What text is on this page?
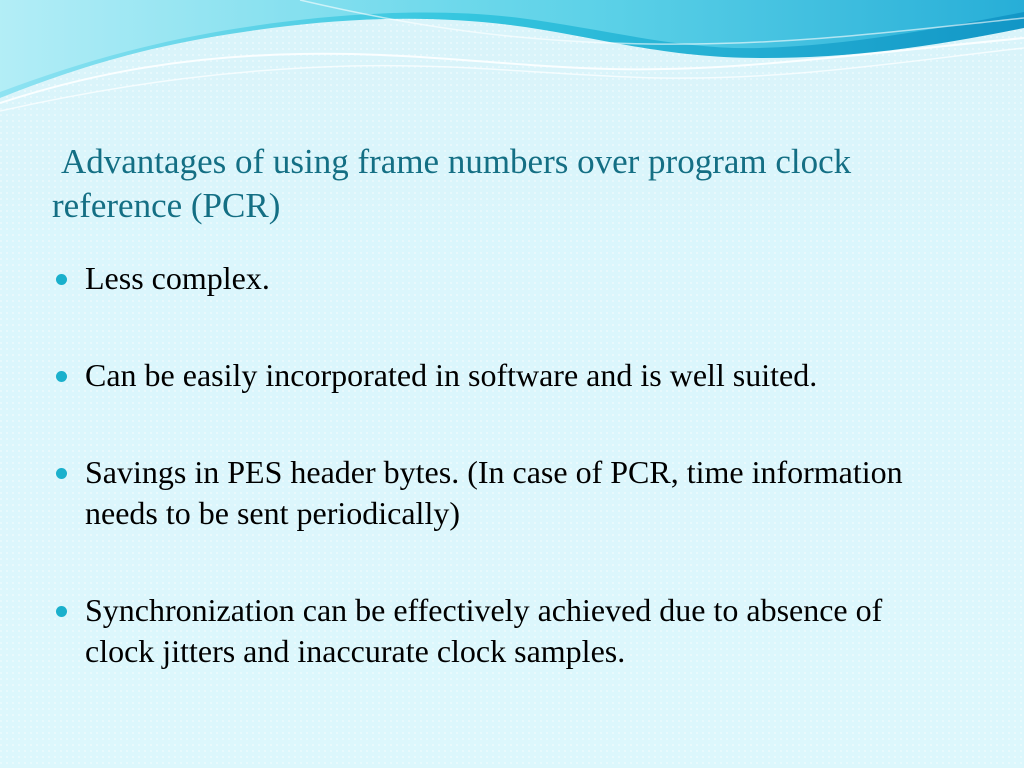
Advantages of using frame numbers over program clock reference (PCR)
Less complex.
Can be easily incorporated in software and is well suited.
Savings in PES header bytes. (In case of PCR, time information needs to be sent periodically)
Synchronization can be effectively achieved due to absence of clock jitters and inaccurate clock samples.
